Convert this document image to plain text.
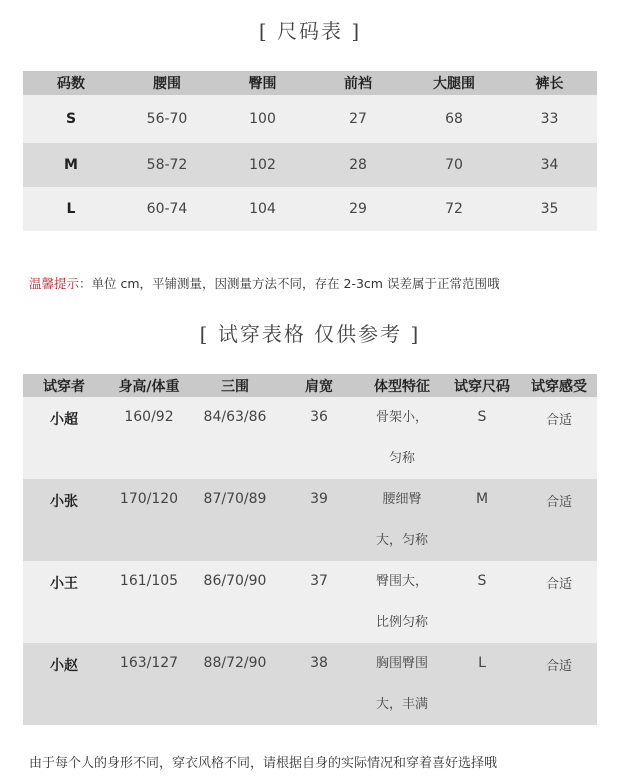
[ 尺码表 ]
码数	腰围	臀围	前裆	大腿围	裤长
S	56-70	100	27	68	33
M	58-72	102	28	70	34
L	60-74	104	29	72	35
温馨提示：单位 cm，平铺测量，因测量方法不同，存在 2-3cm 误差属于正常范围哦
[ 试穿表格 仅供参考 ]
试穿者	身高/体重	三围	肩宽	体型特征	试穿尺码	试穿感受
小超	160/92	84/63/86	36	骨架小，匀称	S	合适
小张	170/120	87/70/89	39	腰细臀大，匀称	M	合适
小王	161/105	86/70/90	37	臀围大，比例匀称	S	合适
小赵	163/127	88/72/90	38	胸围臀围大，丰满	L	合适
由于每个人的身形不同，穿衣风格不同，请根据自身的实际情况和穿着喜好选择哦
